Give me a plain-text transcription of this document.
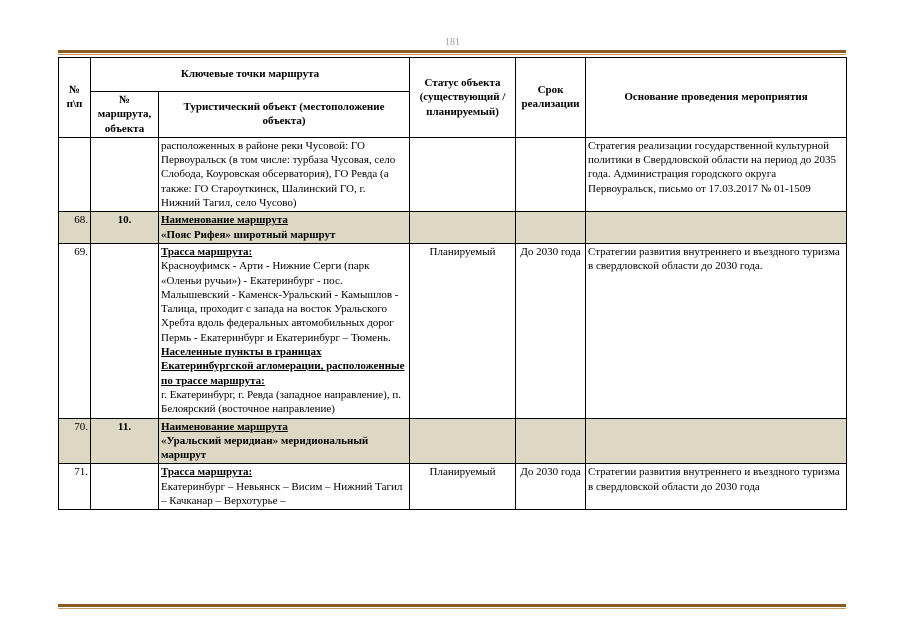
181
№ п\п	Ключевые точки маршрута		Статус объекта (существующий / планируемый)	Срок реализации	Основание проведения мероприятия
	№ маршрута, объекта	Туристический объект (местоположение объекта)			
		расположенных в районе реки Чусовой: ГО Первоуральск (в том числе: турбаза Чусовая, село Слобода, Коуровская обсерватория), ГО Ревда (а также: ГО Староуткинск, Шалинский ГО, г. Нижний Тагил, село Чусово)			Стратегия реализации государственной культурной политики в Свердловской области на период до 2035 года. Администрация городского округа Первоуральск, письмо от 17.03.2017 № 01-1509
68.	10.	Наименование маршрута
«Пояс Рифея» широтный маршрут			

69.		Трасса маршрута:
Красноуфимск - Арти - Нижние Серги (парк «Оленьи ручьи») - Екатеринбург - пос. Малышевский - Каменск-Уральский - Камышлов - Талица, проходит с запада на восток Уральского Хребта вдоль федеральных автомобильных дорог Пермь - Екатеринбург и Екатеринбург – Тюмень.
Населенные пункты в границах Екатеринбургской агломерации, расположенные по трассе маршрута:
г. Екатеринбург, г. Ревда (западное направление), п. Белоярский (восточное направление)	Планируемый	До 2030 года	Стратегии развития внутреннего и въездного туризма в свердловской области до 2030 года.
70.	11.	Наименование маршрута
«Уральский меридиан» меридиональный маршрут			

71.		Трасса маршрута:
Екатеринбург – Невьянск – Висим – Нижний Тагил – Качканар – Верхотурье –	Планируемый	До 2030 года	Стратегии развития внутреннего и въездного туризма в свердловской области до 2030 года
